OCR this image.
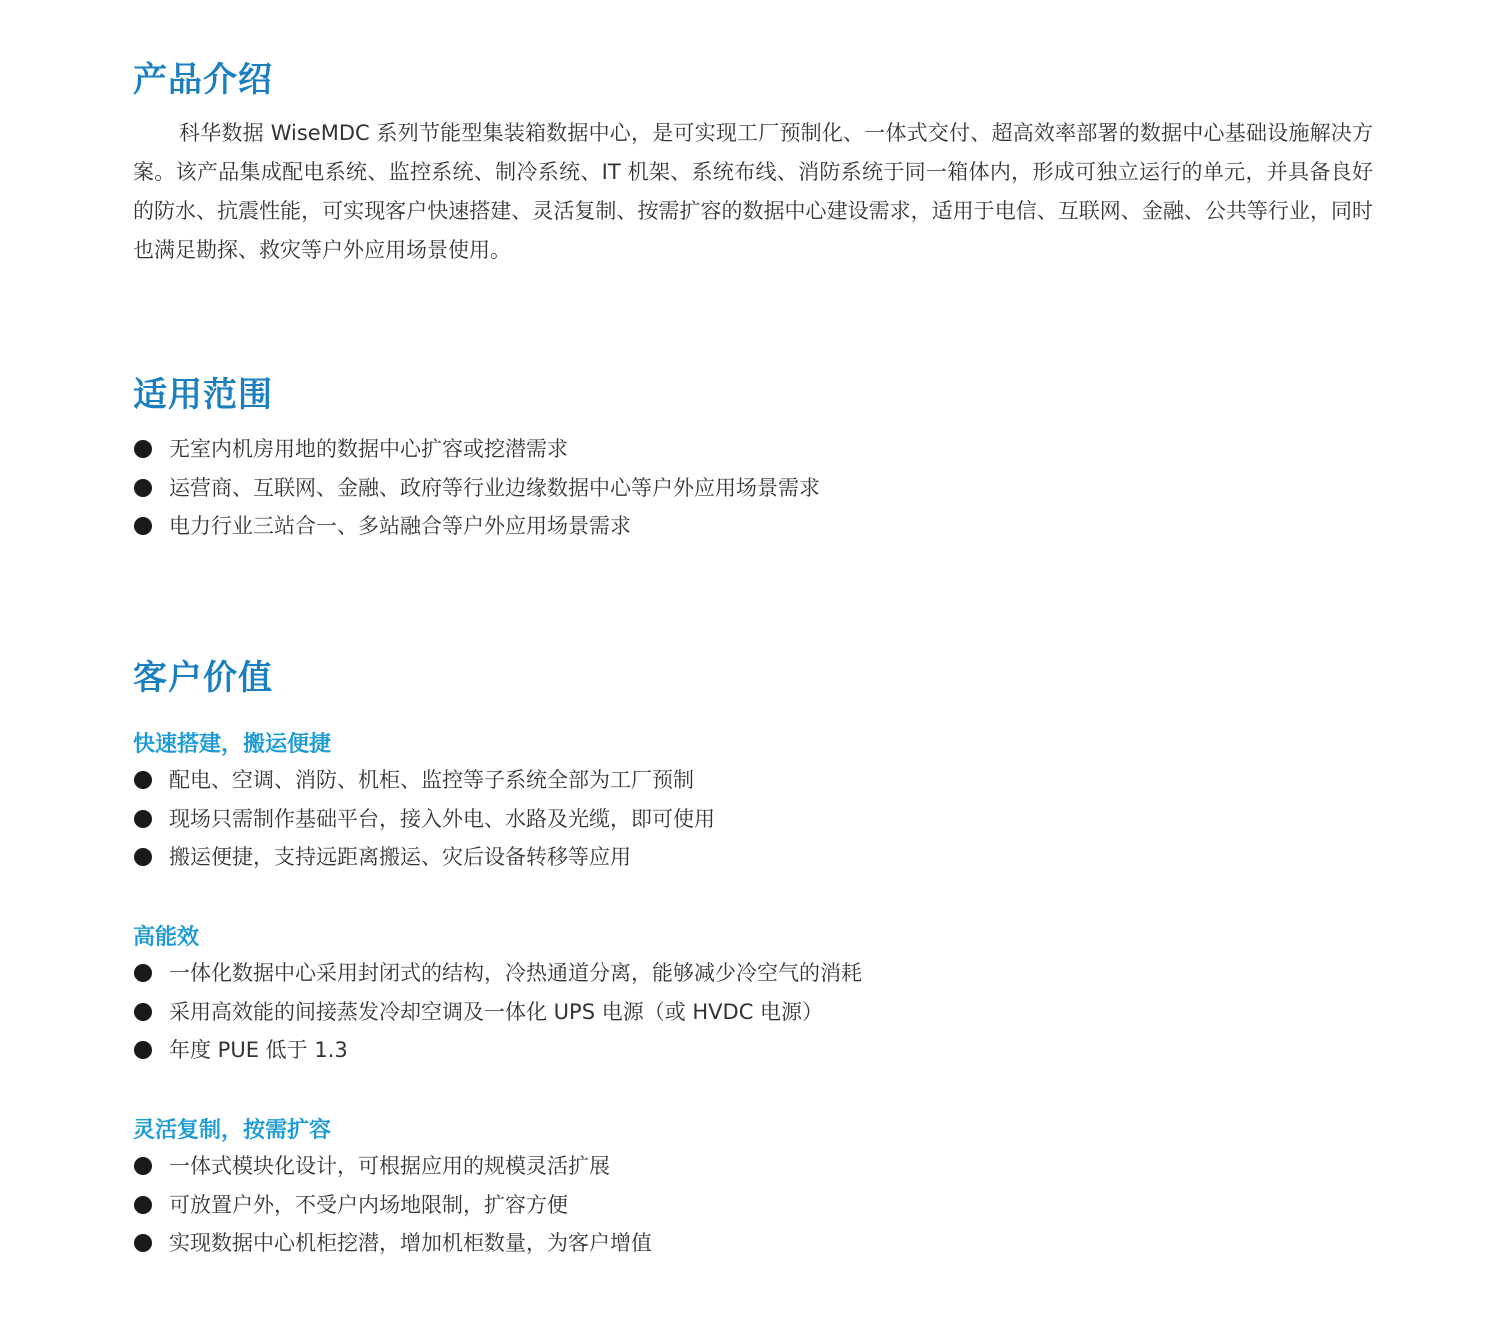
产品介绍

科华数据 WiseMDC 系列节能型集装箱数据中心，是可实现工厂预制化、一体式交付、超高效率部署的数据中心基础设施解决方案。该产品集成配电系统、监控系统、制冷系统、IT 机架、系统布线、消防系统于同一箱体内，形成可独立运行的单元，并具备良好的防水、抗震性能，可实现客户快速搭建、灵活复制、按需扩容的数据中心建设需求，适用于电信、互联网、金融、公共等行业，同时也满足勘探、救灾等户外应用场景使用。

适用范围
无室内机房用地的数据中心扩容或挖潜需求
运营商、互联网、金融、政府等行业边缘数据中心等户外应用场景需求
电力行业三站合一、多站融合等户外应用场景需求
客户价值
快速搭建，搬运便捷
配电、空调、消防、机柜、监控等子系统全部为工厂预制
现场只需制作基础平台，接入外电、水路及光缆，即可使用
搬运便捷，支持远距离搬运、灾后设备转移等应用
高能效
一体化数据中心采用封闭式的结构，冷热通道分离，能够减少冷空气的消耗
采用高效能的间接蒸发冷却空调及一体化 UPS 电源（或 HVDC 电源）
年度 PUE 低于 1.3
灵活复制，按需扩容
一体式模块化设计，可根据应用的规模灵活扩展
可放置户外，不受户内场地限制，扩容方便
实现数据中心机柜挖潜，增加机柜数量，为客户增值
